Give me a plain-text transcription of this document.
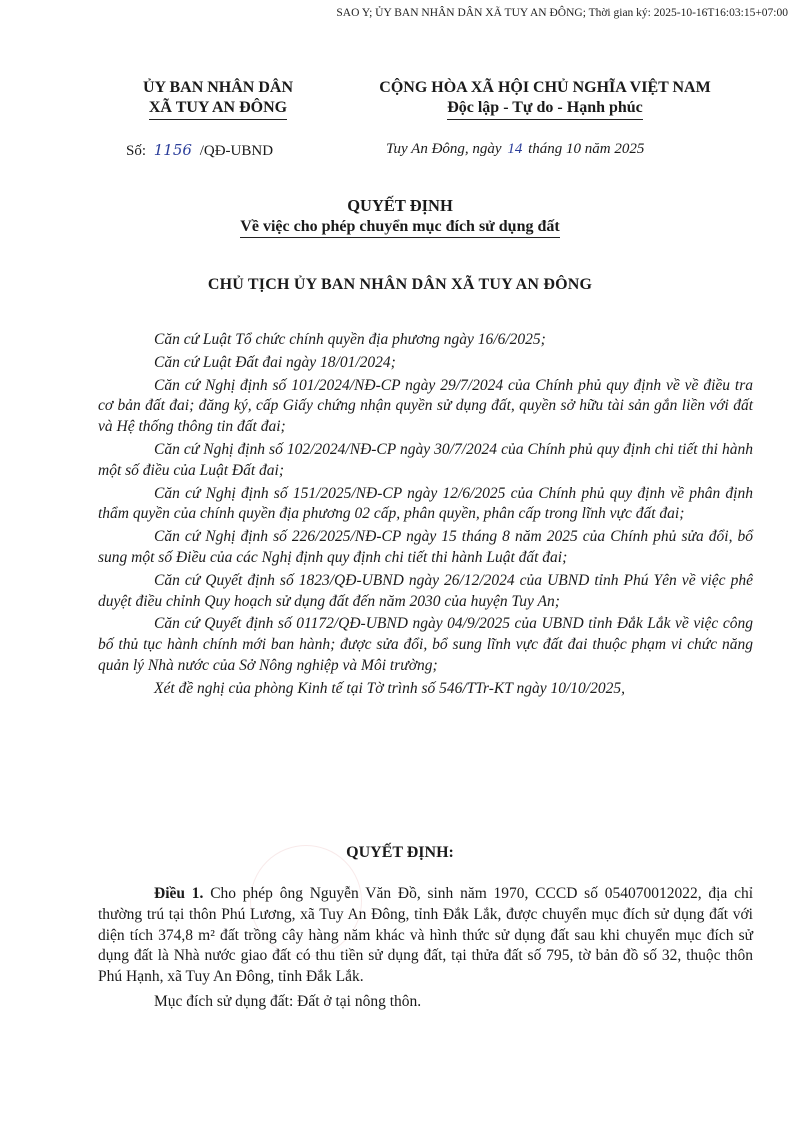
SAO Y; ỦY BAN NHÂN DÂN XÃ TUY AN ĐÔNG; Thời gian ký: 2025-10-16T16:03:15+07:00
ỦY BAN NHÂN DÂN
XÃ TUY AN ĐÔNG
CỘNG HÒA XÃ HỘI CHỦ NGHĨA VIỆT NAM
Độc lập - Tự do - Hạnh phúc
Số: 1156 /QĐ-UBND	Tuy An Đông, ngày 14 tháng 10 năm 2025
QUYẾT ĐỊNH
Về việc cho phép chuyển mục đích sử dụng đất
CHỦ TỊCH ỦY BAN NHÂN DÂN XÃ TUY AN ĐÔNG

Căn cứ Luật Tổ chức chính quyền địa phương ngày 16/6/2025;

Căn cứ Luật Đất đai ngày 18/01/2024;

Căn cứ Nghị định số 101/2024/NĐ-CP ngày 29/7/2024 của Chính phủ quy định về về điều tra cơ bản đất đai; đăng ký, cấp Giấy chứng nhận quyền sử dụng đất, quyền sở hữu tài sản gắn liền với đất và Hệ thống thông tin đất đai;

Căn cứ Nghị định số 102/2024/NĐ-CP ngày 30/7/2024 của Chính phủ quy định chi tiết thi hành một số điều của Luật Đất đai;

Căn cứ Nghị định số 151/2025/NĐ-CP ngày 12/6/2025 của Chính phủ quy định về phân định thẩm quyền của chính quyền địa phương 02 cấp, phân quyền, phân cấp trong lĩnh vực đất đai;

Căn cứ Nghị định số 226/2025/NĐ-CP ngày 15 tháng 8 năm 2025 của Chính phủ sửa đổi, bổ sung một số Điều của các Nghị định quy định chi tiết thi hành Luật đất đai;

Căn cứ Quyết định số 1823/QĐ-UBND ngày 26/12/2024 của UBND tỉnh Phú Yên về việc phê duyệt điều chỉnh Quy hoạch sử dụng đất đến năm 2030 của huyện Tuy An;

Căn cứ Quyết định số 01172/QĐ-UBND ngày 04/9/2025 của UBND tỉnh Đắk Lắk về việc công bố thủ tục hành chính mới ban hành; được sửa đổi, bổ sung lĩnh vực đất đai thuộc phạm vi chức năng quản lý Nhà nước của Sở Nông nghiệp và Môi trường;

Xét đề nghị của phòng Kinh tế tại Tờ trình số 546/TTr-KT ngày 10/10/2025,

QUYẾT ĐỊNH:

Điều 1. Cho phép ông Nguyễn Văn Đồ, sinh năm 1970, CCCD số 054070012022, địa chỉ thường trú tại thôn Phú Lương, xã Tuy An Đông, tỉnh Đắk Lắk, được chuyển mục đích sử dụng đất với diện tích 374,8 m² đất trồng cây hàng năm khác và hình thức sử dụng đất sau khi chuyển mục đích sử dụng đất là Nhà nước giao đất có thu tiền sử dụng đất, tại thửa đất số 795, tờ bản đồ số 32, thuộc thôn Phú Hạnh, xã Tuy An Đông, tỉnh Đắk Lắk.

Mục đích sử dụng đất: Đất ở tại nông thôn.
